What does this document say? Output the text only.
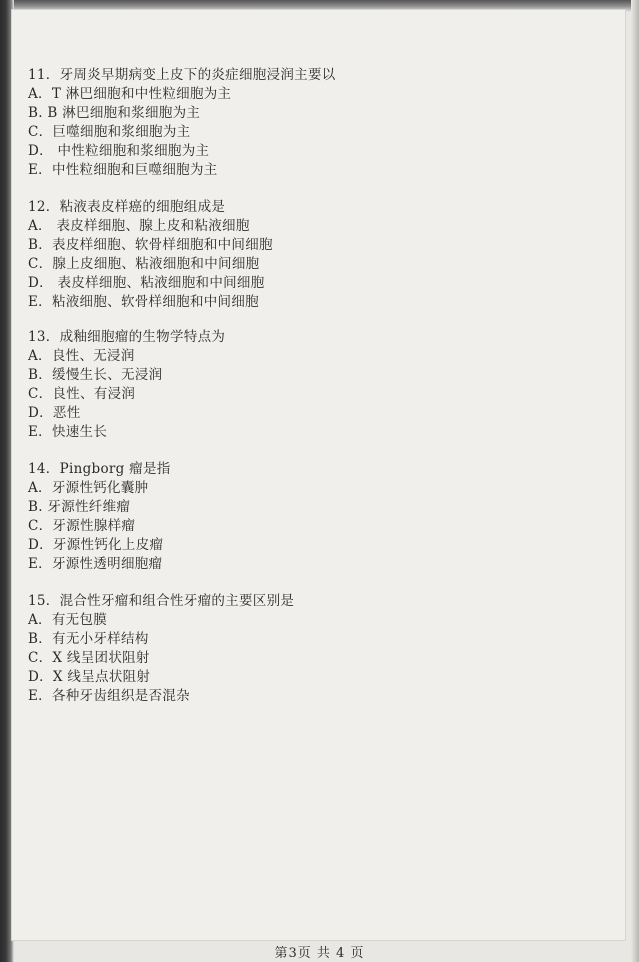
11．牙周炎早期病变上皮下的炎症细胞浸润主要以
A．T 淋巴细胞和中性粒细胞为主
B. B 淋巴细胞和浆细胞为主
C．巨噬细胞和浆细胞为主
D． 中性粒细胞和浆细胞为主
E．中性粒细胞和巨噬细胞为主
12．粘液表皮样癌的细胞组成是
A． 表皮样细胞、腺上皮和粘液细胞
B．表皮样细胞、软骨样细胞和中间细胞
C．腺上皮细胞、粘液细胞和中间细胞
D． 表皮样细胞、粘液细胞和中间细胞
E．粘液细胞、软骨样细胞和中间细胞
13．成釉细胞瘤的生物学特点为
A．良性、无浸润
B．缓慢生长、无浸润
C．良性、有浸润
D．恶性
E．快速生长
14．Pingborg 瘤是指
A．牙源性钙化囊肿
B. 牙源性纤维瘤
C．牙源性腺样瘤
D．牙源性钙化上皮瘤
E．牙源性透明细胞瘤
15．混合性牙瘤和组合性牙瘤的主要区别是
A．有无包膜
B．有无小牙样结构
C．X 线呈团状阻射
D．X 线呈点状阻射
E．各种牙齿组织是否混杂
第3页 共 4 页
